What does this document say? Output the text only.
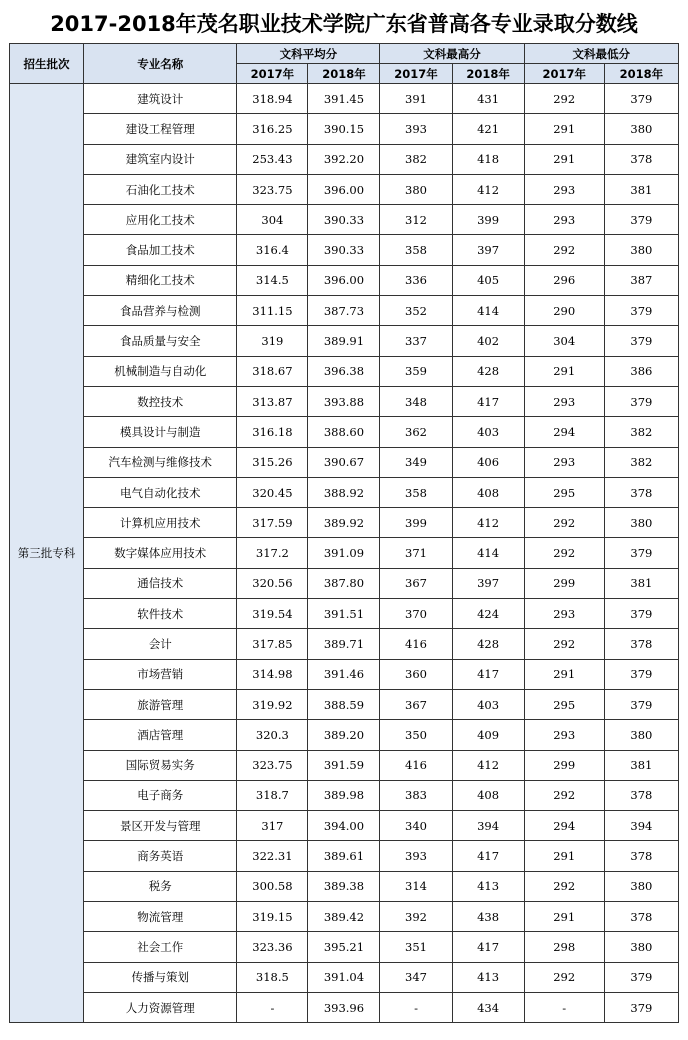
2017-2018年茂名职业技术学院广东省普高各专业录取分数线
招生批次	专业名称	文科平均分		文科最高分		文科最低分	
		2017年	2018年	2017年	2018年	2017年	2018年
第三批专科	建筑设计	318.94	391.45	391	431	292	379
	建设工程管理	316.25	390.15	393	421	291	380
	建筑室内设计	253.43	392.20	382	418	291	378
	石油化工技术	323.75	396.00	380	412	293	381
	应用化工技术	304	390.33	312	399	293	379
	食品加工技术	316.4	390.33	358	397	292	380
	精细化工技术	314.5	396.00	336	405	296	387
	食品营养与检测	311.15	387.73	352	414	290	379
	食品质量与安全	319	389.91	337	402	304	379
	机械制造与自动化	318.67	396.38	359	428	291	386
	数控技术	313.87	393.88	348	417	293	379
	模具设计与制造	316.18	388.60	362	403	294	382
	汽车检测与维修技术	315.26	390.67	349	406	293	382
	电气自动化技术	320.45	388.92	358	408	295	378
	计算机应用技术	317.59	389.92	399	412	292	380
	数字媒体应用技术	317.2	391.09	371	414	292	379
	通信技术	320.56	387.80	367	397	299	381
	软件技术	319.54	391.51	370	424	293	379
	会计	317.85	389.71	416	428	292	378
	市场营销	314.98	391.46	360	417	291	379
	旅游管理	319.92	388.59	367	403	295	379
	酒店管理	320.3	389.20	350	409	293	380
	国际贸易实务	323.75	391.59	416	412	299	381
	电子商务	318.7	389.98	383	408	292	378
	景区开发与管理	317	394.00	340	394	294	394
	商务英语	322.31	389.61	393	417	291	378
	税务	300.58	389.38	314	413	292	380
	物流管理	319.15	389.42	392	438	291	378
	社会工作	323.36	395.21	351	417	298	380
	传播与策划	318.5	391.04	347	413	292	379
	人力资源管理	-	393.96	-	434	-	379
